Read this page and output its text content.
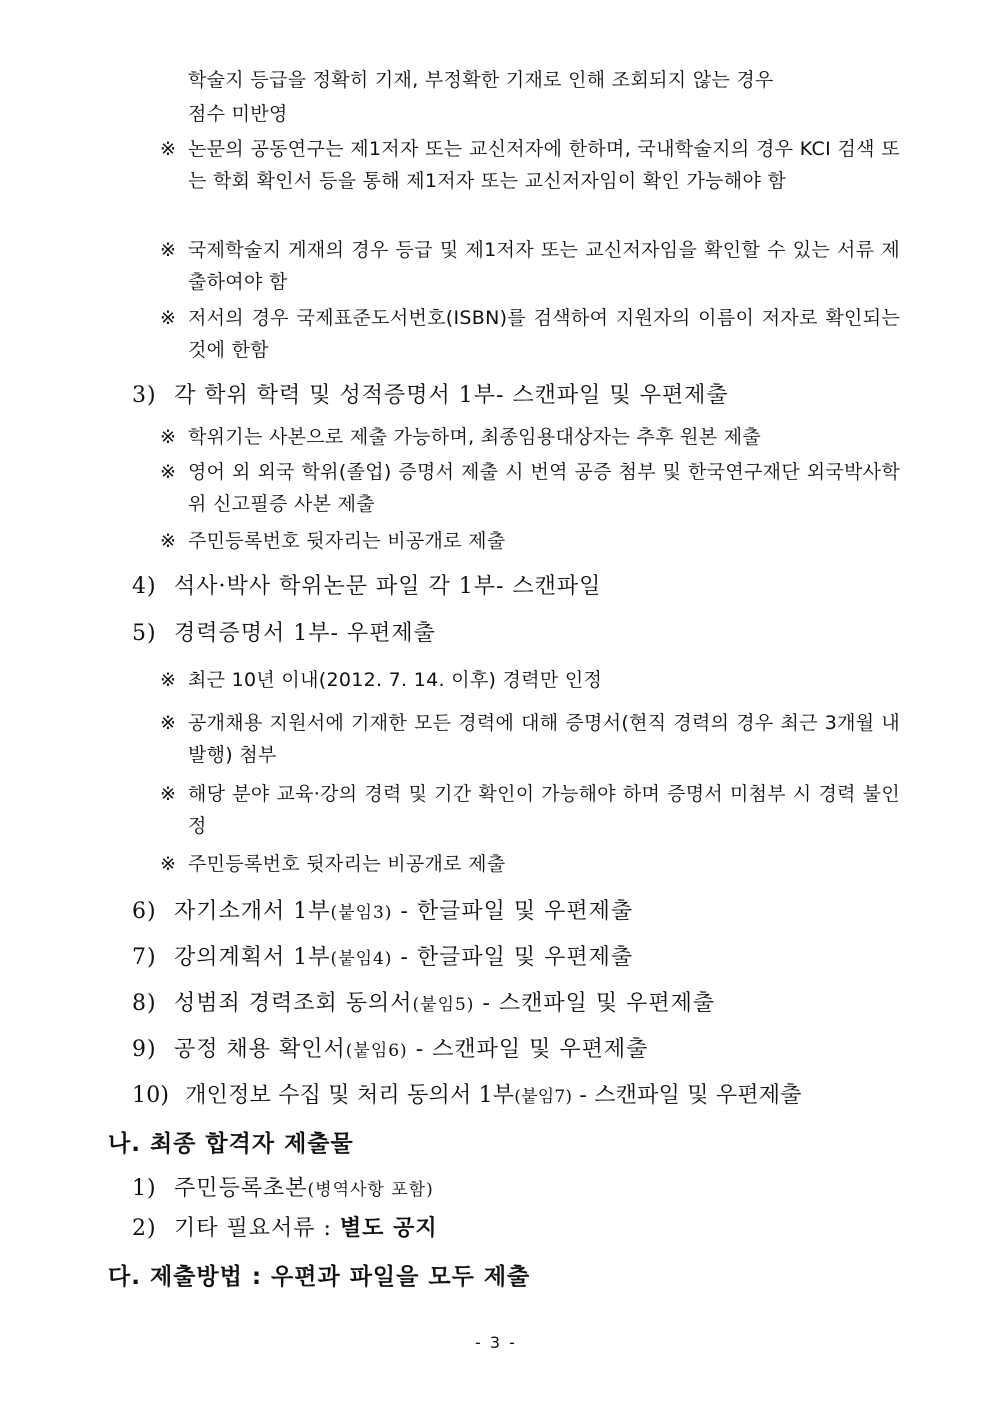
학술지 등급을 정확히 기재, 부정확한 기재로 인해 조회되지 않는 경우
점수 미반영
※ 논문의 공동연구는 제1저자 또는 교신저자에 한하며, 국내학술지의 경우 KCI 검색 또는 학회 확인서 등을 통해 제1저자 또는 교신저자임이 확인 가능해야 함
※ 국제학술지 게재의 경우 등급 및 제1저자 또는 교신저자임을 확인할 수 있는 서류 제출하여야 함
※ 저서의 경우 국제표준도서번호(ISBN)를 검색하여 지원자의 이름이 저자로 확인되는 것에 한함
3) 각 학위 학력 및 성적증명서 1부- 스캔파일 및 우편제출
※ 학위기는 사본으로 제출 가능하며, 최종임용대상자는 추후 원본 제출
※ 영어 외 외국 학위(졸업) 증명서 제출 시 번역 공증 첨부 및 한국연구재단 외국박사학위 신고필증 사본 제출
※ 주민등록번호 뒷자리는 비공개로 제출
4) 석사·박사 학위논문 파일 각 1부- 스캔파일
5) 경력증명서 1부- 우편제출
※ 최근 10년 이내(2012. 7. 14. 이후) 경력만 인정
※ 공개채용 지원서에 기재한 모든 경력에 대해 증명서(현직 경력의 경우 최근 3개월 내 발행) 첨부
※ 해당 분야 교육·강의 경력 및 기간 확인이 가능해야 하며 증명서 미첨부 시 경력 불인정
※ 주민등록번호 뒷자리는 비공개로 제출
6) 자기소개서 1부(붙임3) - 한글파일 및 우편제출
7) 강의계획서 1부(붙임4) - 한글파일 및 우편제출
8) 성범죄 경력조회 동의서(붙임5) - 스캔파일 및 우편제출
9) 공정 채용 확인서(붙임6) - 스캔파일 및 우편제출
10) 개인정보 수집 및 처리 동의서 1부(붙임7) - 스캔파일 및 우편제출
나. 최종 합격자 제출물
1) 주민등록초본(병역사항 포함)
2) 기타 필요서류 : 별도 공지
다. 제출방법 : 우편과 파일을 모두 제출
- 3 -
